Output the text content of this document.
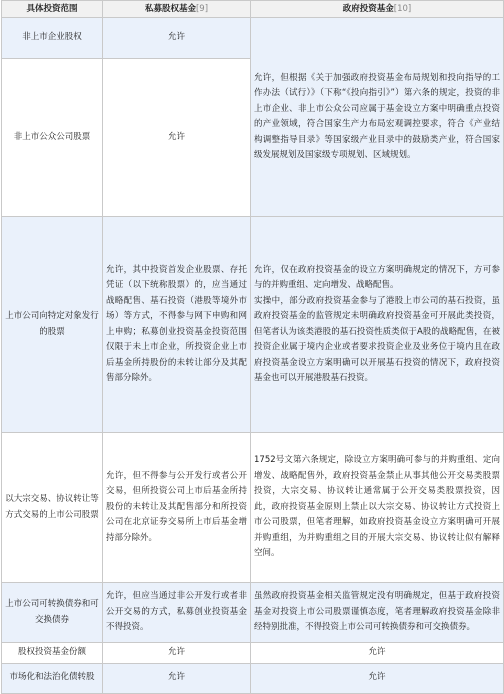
具体投资范围	私募股权基金[9]	政府投资基金[10]
非上市企业股权	允许	允许，但根据《关于加强政府投资基金布局规划和投向指导的工作办法（试行）》（下称“《投向指引》”）第六条的规定，投资的非上市企业、非上市公众公司应属于基金设立方案中明确重点投资的产业领域，符合国家生产力布局宏观调控要求，符合《产业结构调整指导目录》等国家级产业目录中的鼓励类产业，符合国家级发展规划及国家级专项规划、区域规划。
非上市公众公司股票	允许	
上市公司向特定对象发行的股票	允许，其中投资首发企业股票、存托凭证（以下统称股票）的，应当通过战略配售、基石投资（港股等境外市场）等方式，不得参与网下申购和网上申购；私募创业投资基金投资范围仅限于未上市企业，所投资企业上市后基金所持股份的未转让部分及其配售部分除外。	允许，仅在政府投资基金的设立方案明确规定的情况下，方可参与的并购重组、定向增发、战略配售。
实操中，部分政府投资基金参与了港股上市公司的基石投资，虽政府投资基金的监管规定未明确政府投资基金可开展此类投资，但笔者认为该类港股的基石投资性质类似于A股的战略配售，在被投资企业属于境内企业或者要求投资企业及业务位于境内且在政府投资基金设立方案明确可以开展基石投资的情况下，政府投资基金也可以开展港股基石投资。

以大宗交易、协议转让等方式交易的上市公司股票	允许，但不得参与公开发行或者公开交易，但所投资公司上市后基金所持股份的未转让及其配售部分和所投资公司在北京证券交易所上市后基金增持部分除外。	1752号文第六条规定，除设立方案明确可参与的并购重组、定向增发、战略配售外，政府投资基金禁止从事其他公开交易类股票投资，大宗交易、协议转让通常属于公开交易类股票投资，因此，政府投资基金原则上禁止以大宗交易、协议转让方式投资上市公司股票，但笔者理解，如政府投资基金设立方案明确可开展并购重组，为并购重组之目的开展大宗交易、协议转让似有解释空间。
上市公司可转换债券和可交换债券	允许，但应当通过非公开发行或者非公开交易的方式，私募创业投资基金不得投资。	虽然政府投资基金相关监管规定没有明确规定，但基于政府投资基金对投资上市公司股票谨慎态度，笔者理解政府投资基金除非经特别批准，不得投资上市公司可转换债券和可交换债券。
股权投资基金份额	允许	允许
市场化和法治化债转股	允许	允许
